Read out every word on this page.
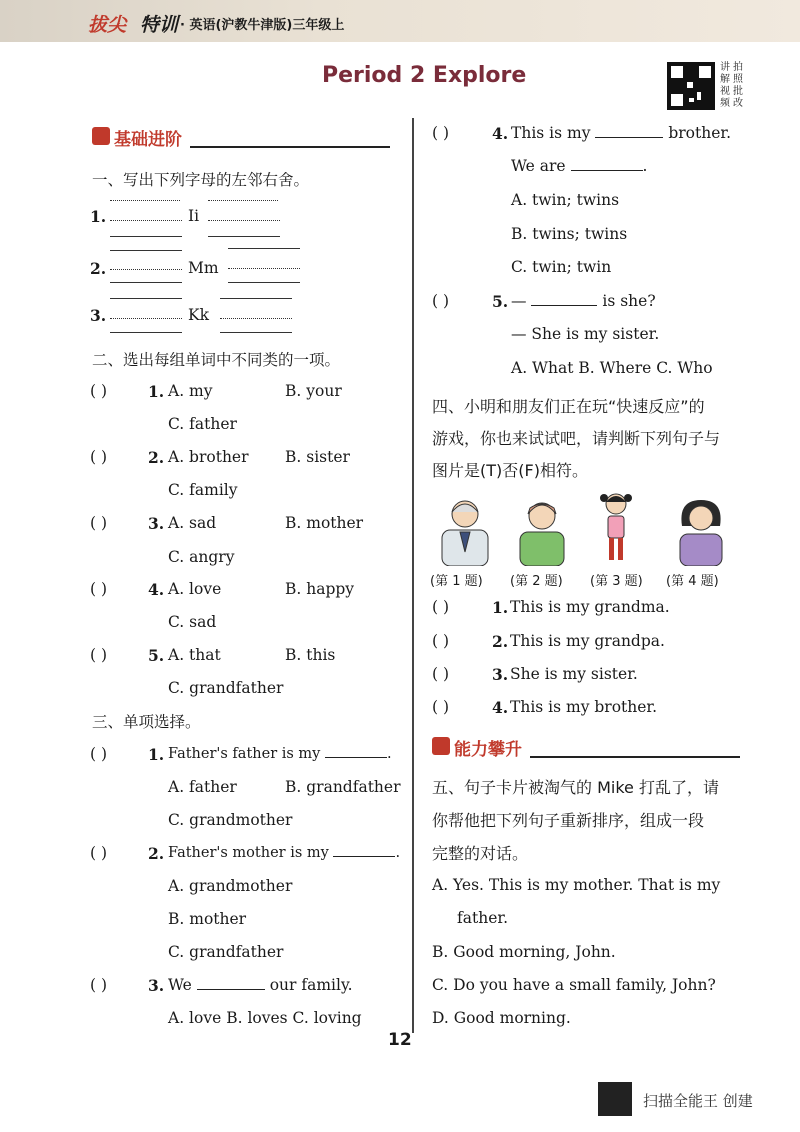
拔尖 特训 · 英语(沪教牛津版)三年级上
Period 2 Explore	讲
解
视
频
拍
照
批
改
基础进阶
一、写出下列字母的左邻右舍。
1.	Ii
2.	Mm
3.	Kk
二、选出每组单词中不同类的一项。
( )	1. A. my	B. your
C. father
( )	2. A. brother B. sister
C. family
( )	3. A. sad	B. mother
C. angry
( )	4. A. love	B. happy
C. sad
( )	5. A. that	B. this
C. grandfather
三、单项选择。
( )	1. Father's father is my	.
A. father	B. grandfather
C. grandmother
( )	2. Father's mother is my	.
A. grandmother
B. mother
C. grandfather
( )	3. We	our family.
A. love B. loves C. loving
( )	4. This is my	brother.
We are	.
A. twin; twins
B. twins; twins
C. twin; twin
( )	5. —	is she?
— She is my sister.
A. What B. Where C. Who
四、小明和朋友们正在玩“快速反应”的
游戏，你也来试试吧，请判断下列句子与
图片是(T)否(F)相符。
(第 1 题) (第 2 题) (第 3 题) (第 4 题)
( )	1. This is my grandma.
( )	2. This is my grandpa.
( )	3. She is my sister.
( )	4. This is my brother.
能力攀升
五、句子卡片被淘气的 Mike 打乱了，请
你帮他把下列句子重新排序，组成一段
完整的对话。
A. Yes. This is my mother. That is my
father.
B. Good morning, John.
C. Do you have a small family, John?
D. Good morning.
12
扫描全能王 创建
